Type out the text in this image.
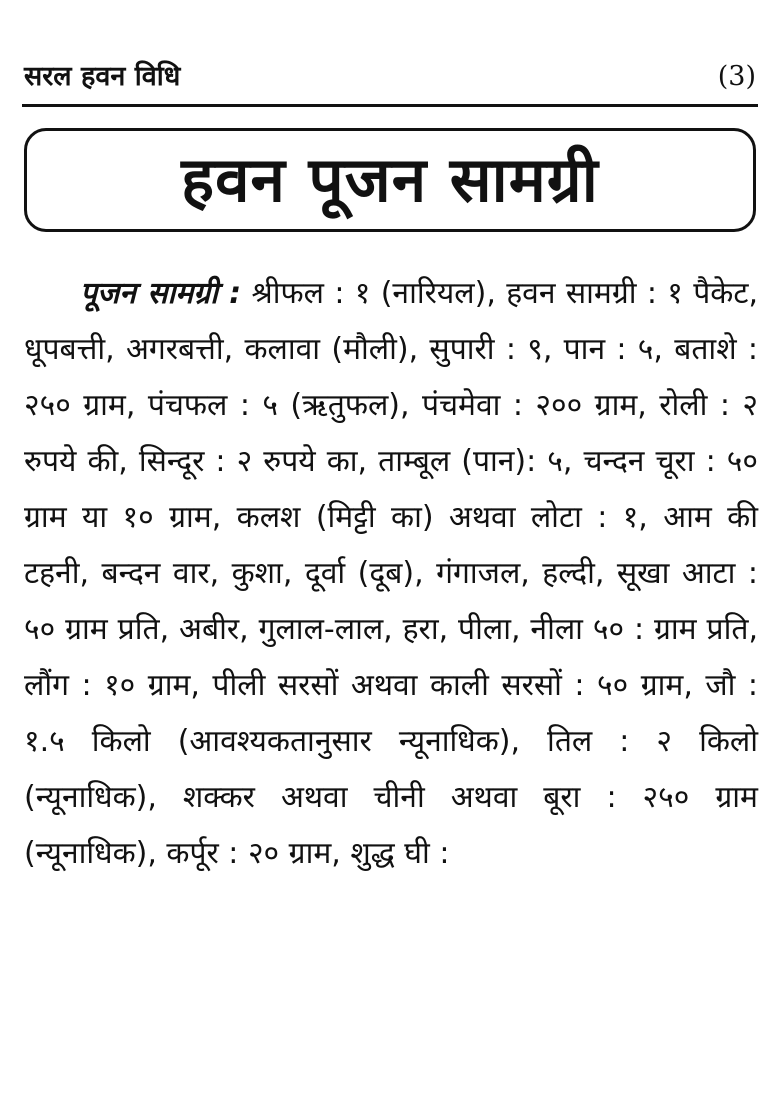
सरल हवन विधि	(3)
हवन पूजन सामग्री

पूजन सामग्री : श्रीफल : १ (नारियल), हवन सामग्री : १ पैकेट, धूपबत्ती, अगरबत्ती, कलावा (मौली), सुपारी : ९, पान : ५, बताशे : २५० ग्राम, पंचफल : ५ (ऋतुफल), पंचमेवा : २०० ग्राम, रोली : २ रुपये की, सिन्दूर : २ रुपये का, ताम्बूल (पान): ५, चन्दन चूरा : ५० ग्राम या १० ग्राम, कलश (मिट्टी का) अथवा लोटा : १, आम की टहनी, बन्दन वार, कुशा, दूर्वा (दूब), गंगाजल, हल्दी, सूखा आटा : ५० ग्राम प्रति, अबीर, गुलाल-लाल, हरा, पीला, नीला ५० : ग्राम प्रति, लौंग : १० ग्राम, पीली सरसों अथवा काली सरसों : ५० ग्राम, जौ : १.५ किलो (आवश्यकतानुसार न्यूनाधिक), तिल : २ किलो (न्यूनाधिक), शक्कर अथवा चीनी अथवा बूरा : २५० ग्राम (न्यूनाधिक), कर्पूर : २० ग्राम, शुद्ध घी :
